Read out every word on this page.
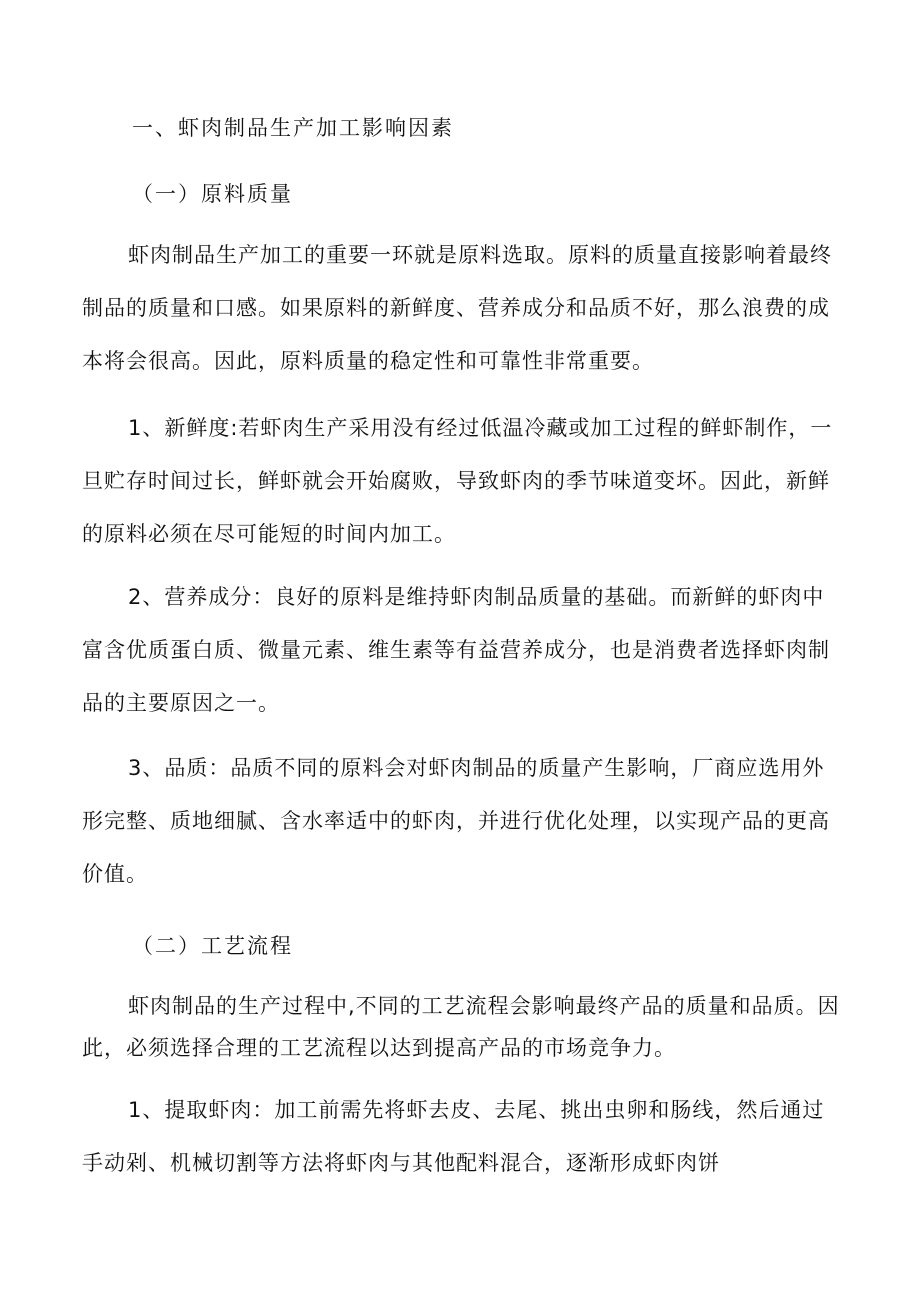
一、虾肉制品生产加工影响因素
（一）原料质量
虾肉制品生产加工的重要一环就是原料选取。原料的质量直接影响着最终制品的质量和口感。如果原料的新鲜度、营养成分和品质不好，那么浪费的成本将会很高。因此，原料质量的稳定性和可靠性非常重要。
1、新鲜度:若虾肉生产采用没有经过低温冷藏或加工过程的鲜虾制作，一旦贮存时间过长，鲜虾就会开始腐败，导致虾肉的季节味道变坏。因此，新鲜的原料必须在尽可能短的时间内加工。
2、营养成分：良好的原料是维持虾肉制品质量的基础。而新鲜的虾肉中富含优质蛋白质、微量元素、维生素等有益营养成分，也是消费者选择虾肉制品的主要原因之一。
3、品质：品质不同的原料会对虾肉制品的质量产生影响，厂商应选用外形完整、质地细腻、含水率适中的虾肉，并进行优化处理，以实现产品的更高价值。
（二）工艺流程
虾肉制品的生产过程中,不同的工艺流程会影响最终产品的质量和品质。因此，必须选择合理的工艺流程以达到提高产品的市场竞争力。
1、提取虾肉：加工前需先将虾去皮、去尾、挑出虫卵和肠线，然后通过手动剁、机械切割等方法将虾肉与其他配料混合，逐渐形成虾肉饼
